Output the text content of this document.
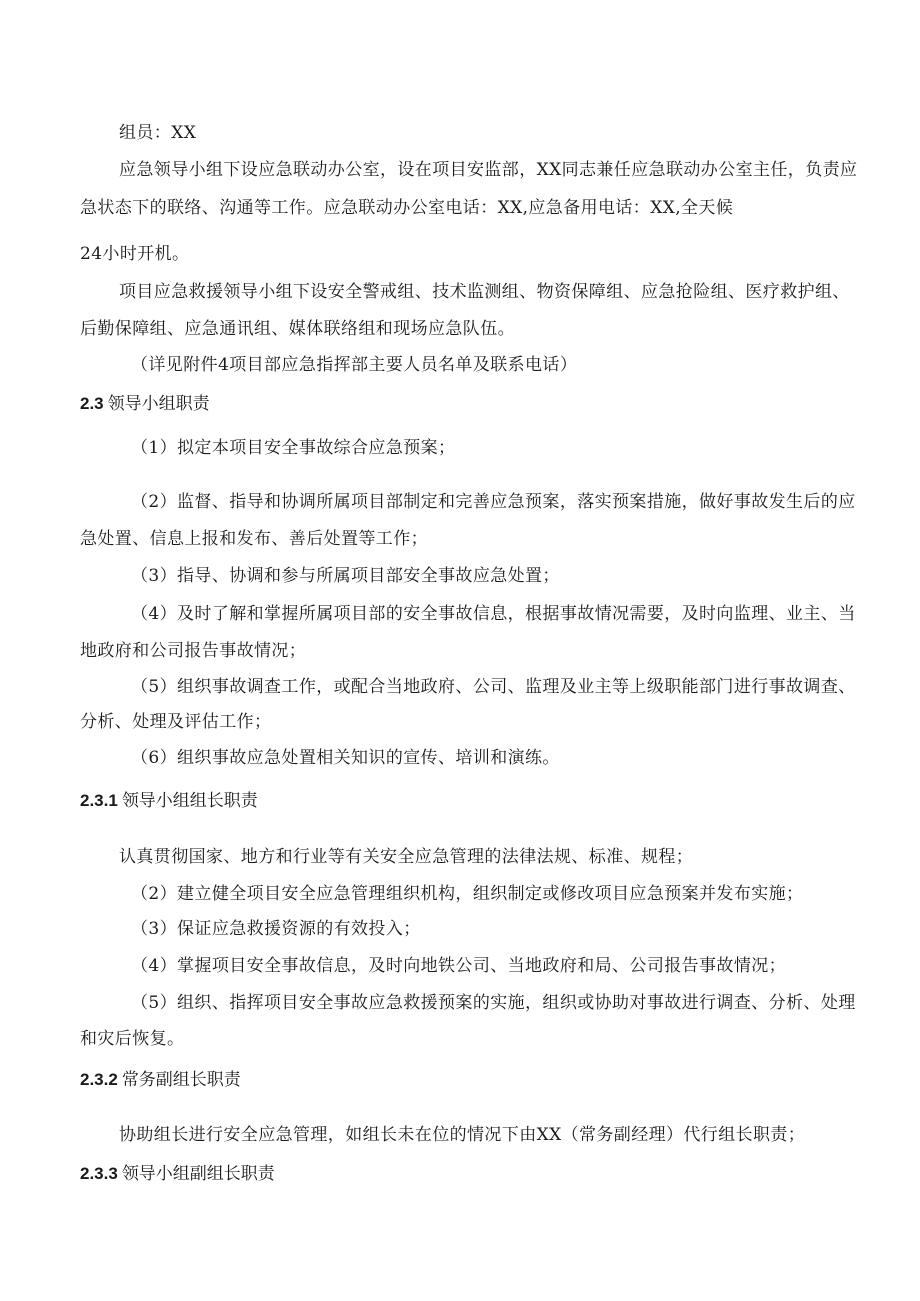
组员：XX
应急领导小组下设应急联动办公室，设在项目安监部，XX同志兼任应急联动办公室主任，负责应
急状态下的联络、沟通等工作。应急联动办公室电话：XX,应急备用电话：XX,全天候
24小时开机。
项目应急救援领导小组下设安全警戒组、技术监测组、物资保障组、应急抢险组、医疗救护组、
后勤保障组、应急通讯组、媒体联络组和现场应急队伍。
（详见附件4项目部应急指挥部主要人员名单及联系电话）
2.3 领导小组职责
（1）拟定本项目安全事故综合应急预案；
（2）监督、指导和协调所属项目部制定和完善应急预案，落实预案措施，做好事故发生后的应
急处置、信息上报和发布、善后处置等工作；
（3）指导、协调和参与所属项目部安全事故应急处置；
（4）及时了解和掌握所属项目部的安全事故信息，根据事故情况需要，及时向监理、业主、当
地政府和公司报告事故情况；
（5）组织事故调查工作，或配合当地政府、公司、监理及业主等上级职能部门进行事故调查、
分析、处理及评估工作；
（6）组织事故应急处置相关知识的宣传、培训和演练。
2.3.1 领导小组组长职责
认真贯彻国家、地方和行业等有关安全应急管理的法律法规、标准、规程；
（2）建立健全项目安全应急管理组织机构，组织制定或修改项目应急预案并发布实施；
（3）保证应急救援资源的有效投入；
（4）掌握项目安全事故信息，及时向地铁公司、当地政府和局、公司报告事故情况；
（5）组织、指挥项目安全事故应急救援预案的实施，组织或协助对事故进行调查、分析、处理
和灾后恢复。
2.3.2 常务副组长职责
协助组长进行安全应急管理，如组长未在位的情况下由XX（常务副经理）代行组长职责；
2.3.3 领导小组副组长职责
